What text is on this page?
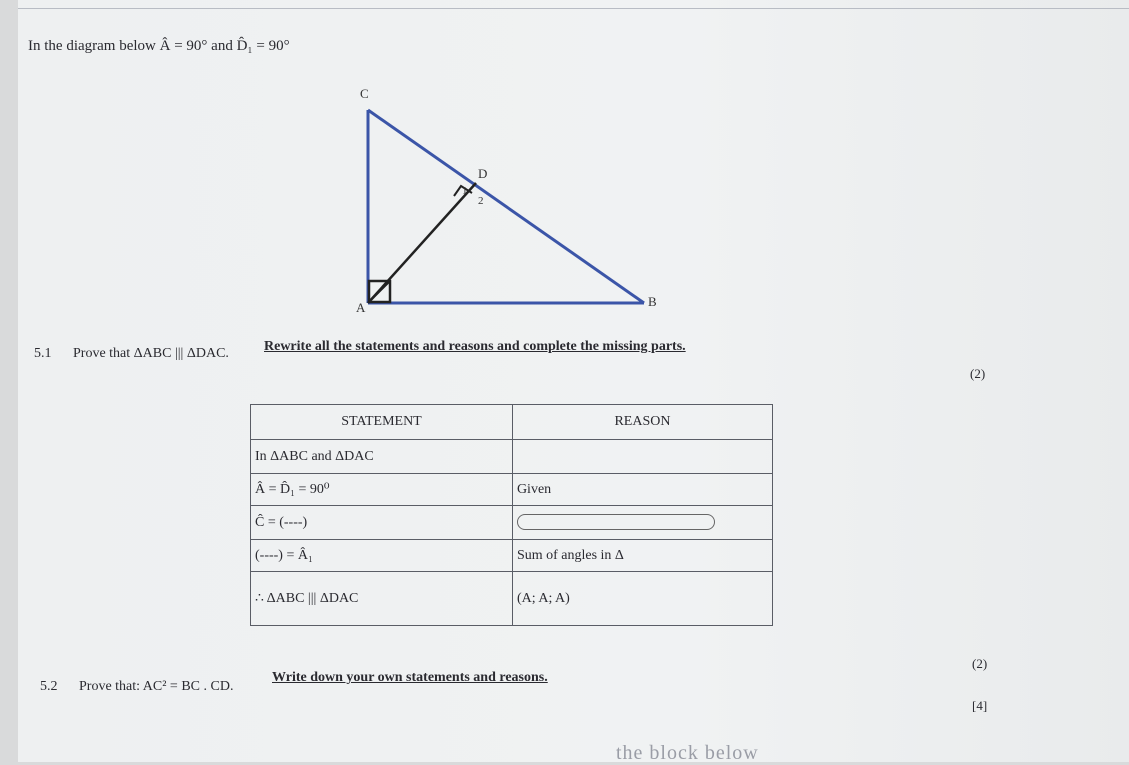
In the diagram below Â = 90° and D̂₁ = 90°
C
D
A	B
1
2
5.1 Prove that ΔABC ||| ΔDAC.	Rewrite all the statements and reasons and complete the missing parts.
(2)
STATEMENT	REASON
In ΔABC and ΔDAC	
Â = D̂₁ = 90⁰	Given
Ĉ = (----)	
(----) = Â₁	Sum of angles in Δ
∴ ΔABC ||| ΔDAC	(A; A; A)
(2)
5.2 Prove that: AC² = BC . CD.
Write down your own statements and reasons.
[4]
the block below
